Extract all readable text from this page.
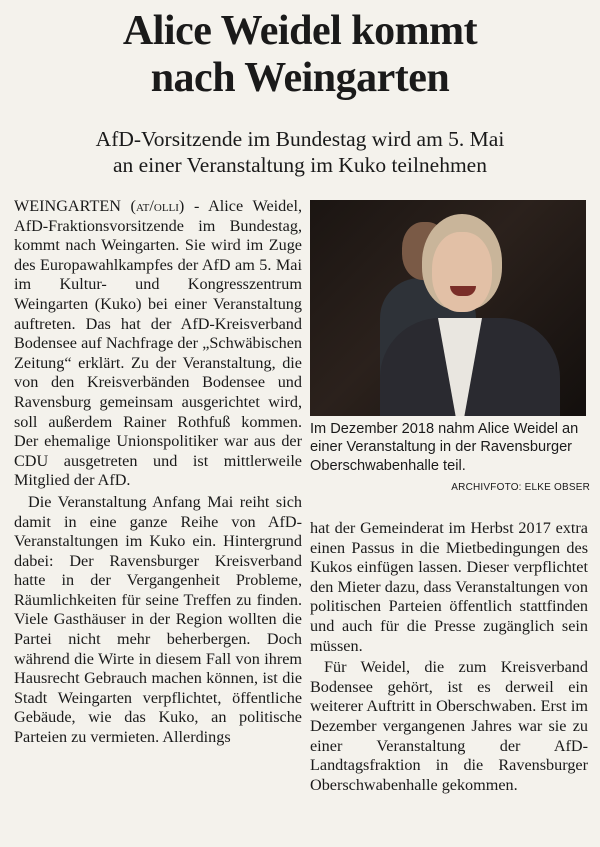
Alice Weidel kommt
nach Weingarten
AfD-Vorsitzende im Bundestag wird am 5. Mai
an einer Veranstaltung im Kuko teilnehmen

WEINGARTEN (at/olli) - Alice Weidel, AfD-Fraktionsvorsitzende im Bundestag, kommt nach Weingarten. Sie wird im Zuge des Europawahlkampfes der AfD am 5. Mai im Kultur- und Kongresszentrum Weingarten (Kuko) bei einer Veranstaltung auftreten. Das hat der AfD-Kreisverband Bodensee auf Nachfrage der „Schwäbischen Zeitung“ erklärt. Zu der Veranstaltung, die von den Kreisverbänden Bodensee und Ravensburg gemeinsam ausgerichtet wird, soll außerdem Rainer Rothfuß kommen. Der ehemalige Unionspolitiker war aus der CDU ausgetreten und ist mittlerweile Mitglied der AfD.

Die Veranstaltung Anfang Mai reiht sich damit in eine ganze Reihe von AfD-Veranstaltungen im Kuko ein. Hintergrund dabei: Der Ravensburger Kreisverband hatte in der Vergangenheit Probleme, Räumlichkeiten für seine Treffen zu finden. Viele Gasthäuser in der Region wollten die Partei nicht mehr beherbergen. Doch während die Wirte in diesem Fall von ihrem Hausrecht Gebrauch machen können, ist die Stadt Weingarten verpflichtet, öffentliche Gebäude, wie das Kuko, an politische Parteien zu vermieten. Allerdings

Im Dezember 2018 nahm Alice Weidel an einer Veranstaltung in der Ravensburger Oberschwabenhalle teil.
ARCHIVFOTO: ELKE OBSER

hat der Gemeinderat im Herbst 2017 extra einen Passus in die Mietbedingungen des Kukos einfügen lassen. Dieser verpflichtet den Mieter dazu, dass Veranstaltungen von politischen Parteien öffentlich stattfinden und auch für die Presse zugänglich sein müssen.

Für Weidel, die zum Kreisverband Bodensee gehört, ist es derweil ein weiterer Auftritt in Oberschwaben. Erst im Dezember vergangenen Jahres war sie zu einer Veranstaltung der AfD-Landtagsfraktion in die Ravensburger Oberschwabenhalle gekommen.
